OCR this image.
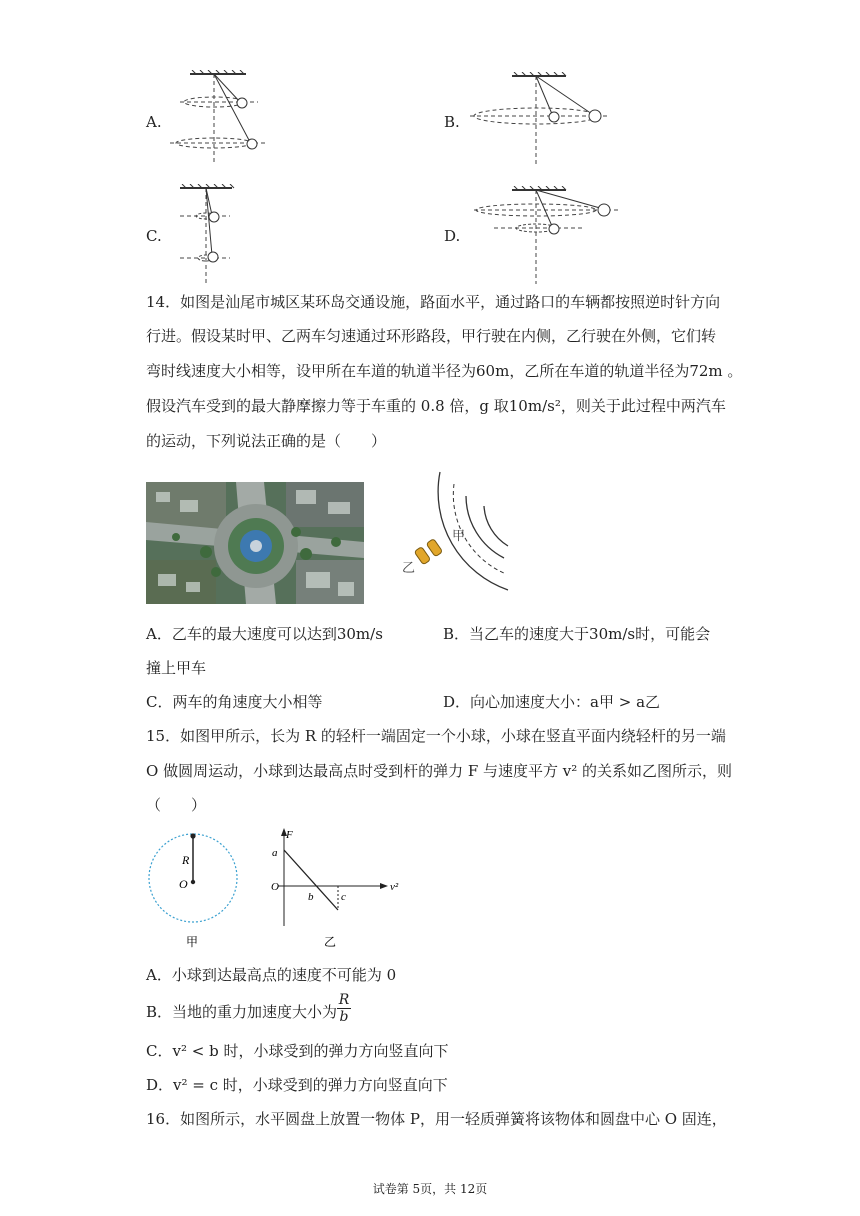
A.	B.
C.	D.
14．如图是汕尾市城区某环岛交通设施，路面水平，通过路口的车辆都按照逆时针方向
行进。假设某时甲、乙两车匀速通过环形路段，甲行驶在内侧，乙行驶在外侧，它们转
弯时线速度大小相等，设甲所在车道的轨道半径为60m，乙所在车道的轨道半径为72m 。
假设汽车受到的最大静摩擦力等于车重的 0.8 倍，g 取10m/s²，则关于此过程中两汽车
的运动，下列说法正确的是（　　）
甲
乙
A．乙车的最大速度可以达到30m/s	B．当乙车的速度大于30m/s时，可能会
撞上甲车
C．两车的角速度大小相等	D．向心加速度大小：a甲 > a乙
15．如图甲所示，长为 R 的轻杆一端固定一个小球，小球在竖直平面内绕轻杆的另一端
O 做圆周运动，小球到达最高点时受到杆的弹力 F 与速度平方 v² 的关系如乙图所示，则
（　　）
R
O
甲
F
a
O
b	c
v²
乙
A．小球到达最高点的速度不可能为 0
B．当地的重力加速度大小为 $\frac{R}{b}$
C．v² < b 时，小球受到的弹力方向竖直向下
D．v² = c 时，小球受到的弹力方向竖直向下
16．如图所示，水平圆盘上放置一物体 P，用一轻质弹簧将该物体和圆盘中心 O 固连，
试卷第 5页，共 12页
